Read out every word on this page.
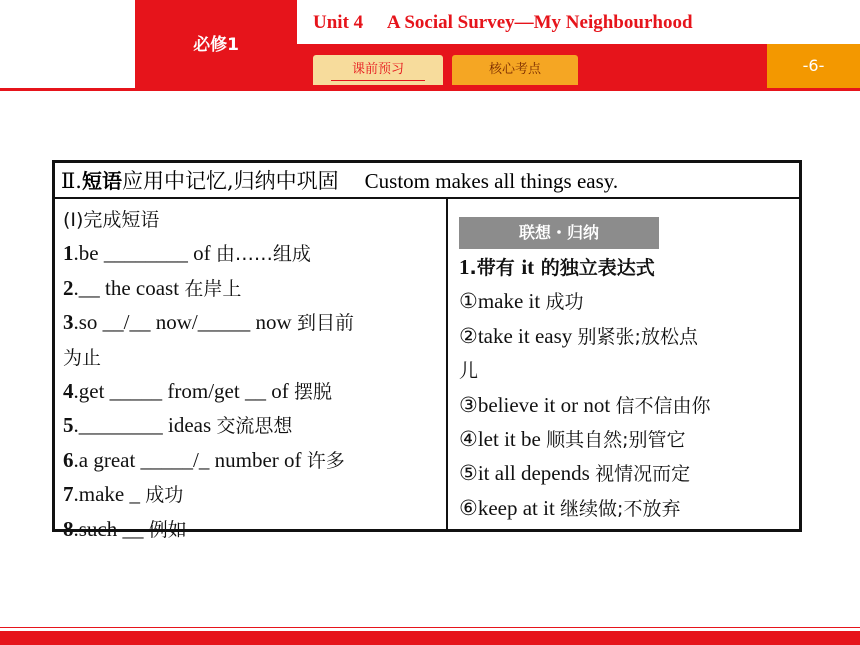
必修1
Unit 4     A Social Survey—My Neighbourhood
课前预习	核心考点	-6-
Ⅱ.短语应用中记忆,归纳中巩固 Custom makes all things easy.
(Ⅰ)完成短语
1.be ________ of 由……组成
2.__ the coast 在岸上
3.so __/__ now/_____ now 到目前
为止
4.get _____ from/get __ of 摆脱
5.________ ideas 交流思想
6.a great _____/_ number of 许多
7.make _ 成功
8.such __ 例如
联想・归纳
1.带有 it 的独立表达式
①make it 成功
②take it easy 别紧张;放松点
儿
③believe it or not 信不信由你
④let it be 顺其自然;别管它
⑤it all depends 视情况而定
⑥keep at it 继续做;不放弃
